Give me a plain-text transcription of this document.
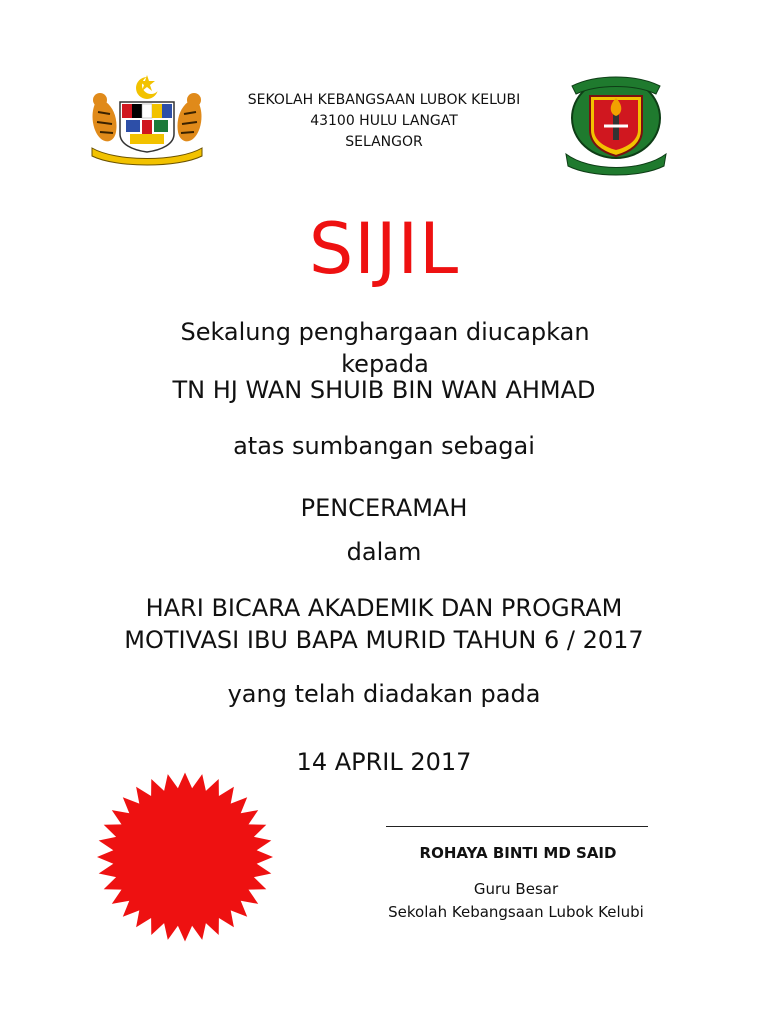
SEKOLAH KEBANGSAAN LUBOK KELUBI
43100 HULU LANGAT
SELANGOR
SIJIL
Sekalung penghargaan diucapkan kepada
TN HJ WAN SHUIB BIN WAN AHMAD
atas sumbangan sebagai
PENCERAMAH
dalam
HARI BICARA AKADEMIK DAN PROGRAM MOTIVASI IBU BAPA MURID TAHUN 6 / 2017
yang telah diadakan pada
14 APRIL 2017
ROHAYA BINTI MD SAID
Guru Besar
Sekolah Kebangsaan Lubok Kelubi
